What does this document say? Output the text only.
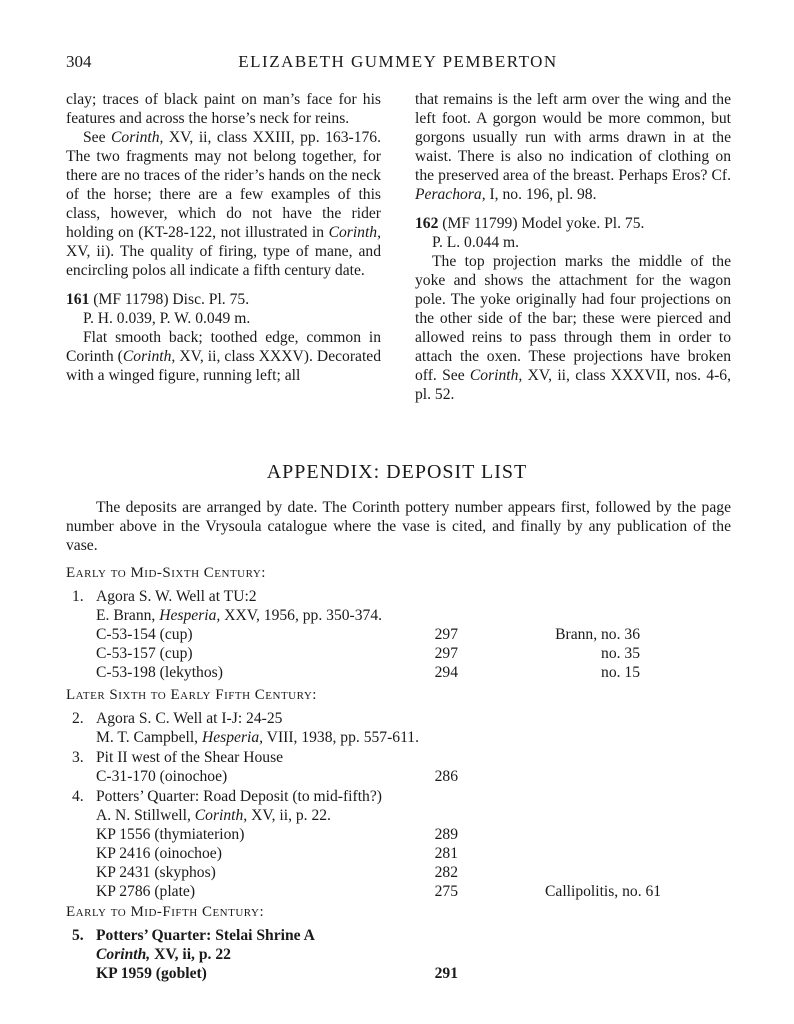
304	ELIZABETH GUMMEY PEMBERTON

clay; traces of black paint on man’s face for his features and across the horse’s neck for reins.

See Corinth, XV, ii, class XXIII, pp. 163-176. The two fragments may not belong together, for there are no traces of the rider’s hands on the neck of the horse; there are a few examples of this class, however, which do not have the rider holding on (KT-28-122, not illustrated in Corinth, XV, ii). The quality of firing, type of mane, and encircling polos all indicate a fifth century date.

161 (MF 11798) Disc. Pl. 75.

P. H. 0.039, P. W. 0.049 m.

Flat smooth back; toothed edge, common in Corinth (Corinth, XV, ii, class XXXV). Decorated with a winged figure, running left; all

that remains is the left arm over the wing and the left foot. A gorgon would be more common, but gorgons usually run with arms drawn in at the waist. There is also no indication of clothing on the preserved area of the breast. Perhaps Eros? Cf. Perachora, I, no. 196, pl. 98.

162 (MF 11799) Model yoke. Pl. 75.

P. L. 0.044 m.

The top projection marks the middle of the yoke and shows the attachment for the wagon pole. The yoke originally had four projections on the other side of the bar; these were pierced and allowed reins to pass through them in order to attach the oxen. These projections have broken off. See Corinth, XV, ii, class XXXVII, nos. 4-6, pl. 52.

APPENDIX: DEPOSIT LIST

The deposits are arranged by date. The Corinth pottery number appears first, followed by the page number above in the Vrysoula catalogue where the vase is cited, and finally by any publication of the vase.

Early to Mid-Sixth Century:
1. Agora S. W. Well at TU:2
E. Brann, Hesperia, XXV, 1956, pp. 350-374.
C-53-154 (cup)	297	Brann, no. 36
C-53-157 (cup)	297	no. 35
C-53-198 (lekythos)	294	no. 15
Later Sixth to Early Fifth Century:
2. Agora S. C. Well at I-J: 24-25
M. T. Campbell, Hesperia, VIII, 1938, pp. 557-611.
3. Pit II west of the Shear House
C-31-170 (oinochoe)	286
4. Potters’ Quarter: Road Deposit (to mid-fifth?)
A. N. Stillwell, Corinth, XV, ii, p. 22.
KP 1556 (thymiaterion)	289
KP 2416 (oinochoe)	281
KP 2431 (skyphos)	282
KP 2786 (plate)	275	Callipolitis, no. 61
Early to Mid-Fifth Century:
5. Potters’ Quarter: Stelai Shrine A
Corinth, XV, ii, p. 22
KP 1959 (goblet)	291
